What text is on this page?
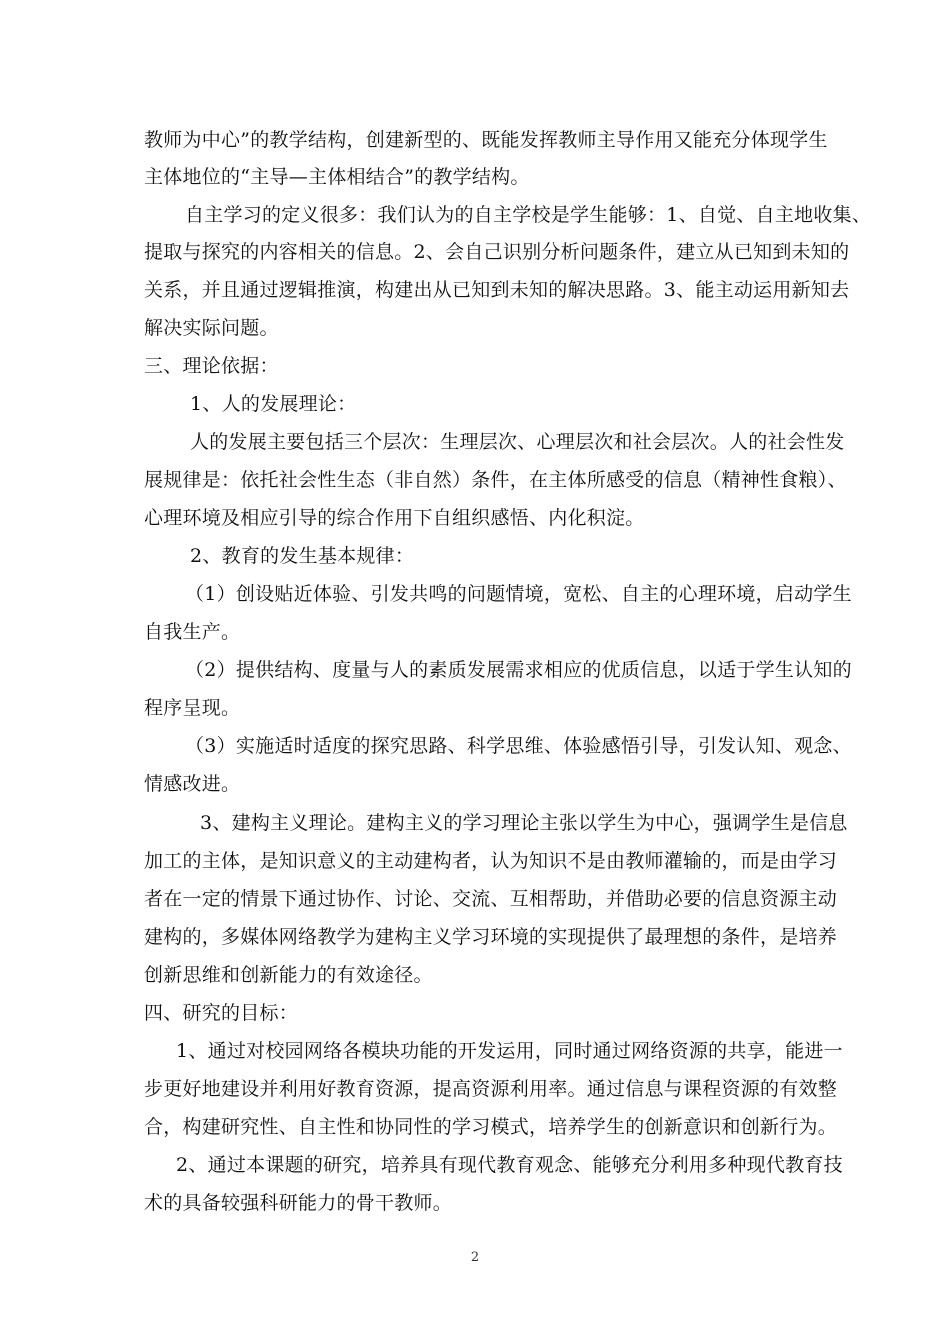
教师为中心”的教学结构，创建新型的、既能发挥教师主导作用又能充分体现学生
主体地位的“主导—主体相结合”的教学结构。
自主学习的定义很多：我们认为的自主学校是学生能够：1、自觉、自主地收集、
提取与探究的内容相关的信息。2、会自己识别分析问题条件，建立从已知到未知的
关系，并且通过逻辑推演，构建出从已知到未知的解决思路。3、能主动运用新知去
解决实际问题。
三、理论依据：
1、人的发展理论：
人的发展主要包括三个层次：生理层次、心理层次和社会层次。人的社会性发
展规律是：依托社会性生态（非自然）条件，在主体所感受的信息（精神性食粮）、
心理环境及相应引导的综合作用下自组织感悟、内化积淀。
2、教育的发生基本规律：
（1）创设贴近体验、引发共鸣的问题情境，宽松、自主的心理环境，启动学生
自我生产。
（2）提供结构、度量与人的素质发展需求相应的优质信息，以适于学生认知的
程序呈现。
（3）实施适时适度的探究思路、科学思维、体验感悟引导，引发认知、观念、
情感改进。
3、建构主义理论。建构主义的学习理论主张以学生为中心，强调学生是信息
加工的主体，是知识意义的主动建构者，认为知识不是由教师灌输的，而是由学习
者在一定的情景下通过协作、讨论、交流、互相帮助，并借助必要的信息资源主动
建构的，多媒体网络教学为建构主义学习环境的实现提供了最理想的条件，是培养
创新思维和创新能力的有效途径。
四、研究的目标：
1、通过对校园网络各模块功能的开发运用，同时通过网络资源的共享，能进一
步更好地建设并利用好教育资源，提高资源利用率。通过信息与课程资源的有效整
合，构建研究性、自主性和协同性的学习模式，培养学生的创新意识和创新行为。
2、通过本课题的研究，培养具有现代教育观念、能够充分利用多种现代教育技
术的具备较强科研能力的骨干教师。
2
